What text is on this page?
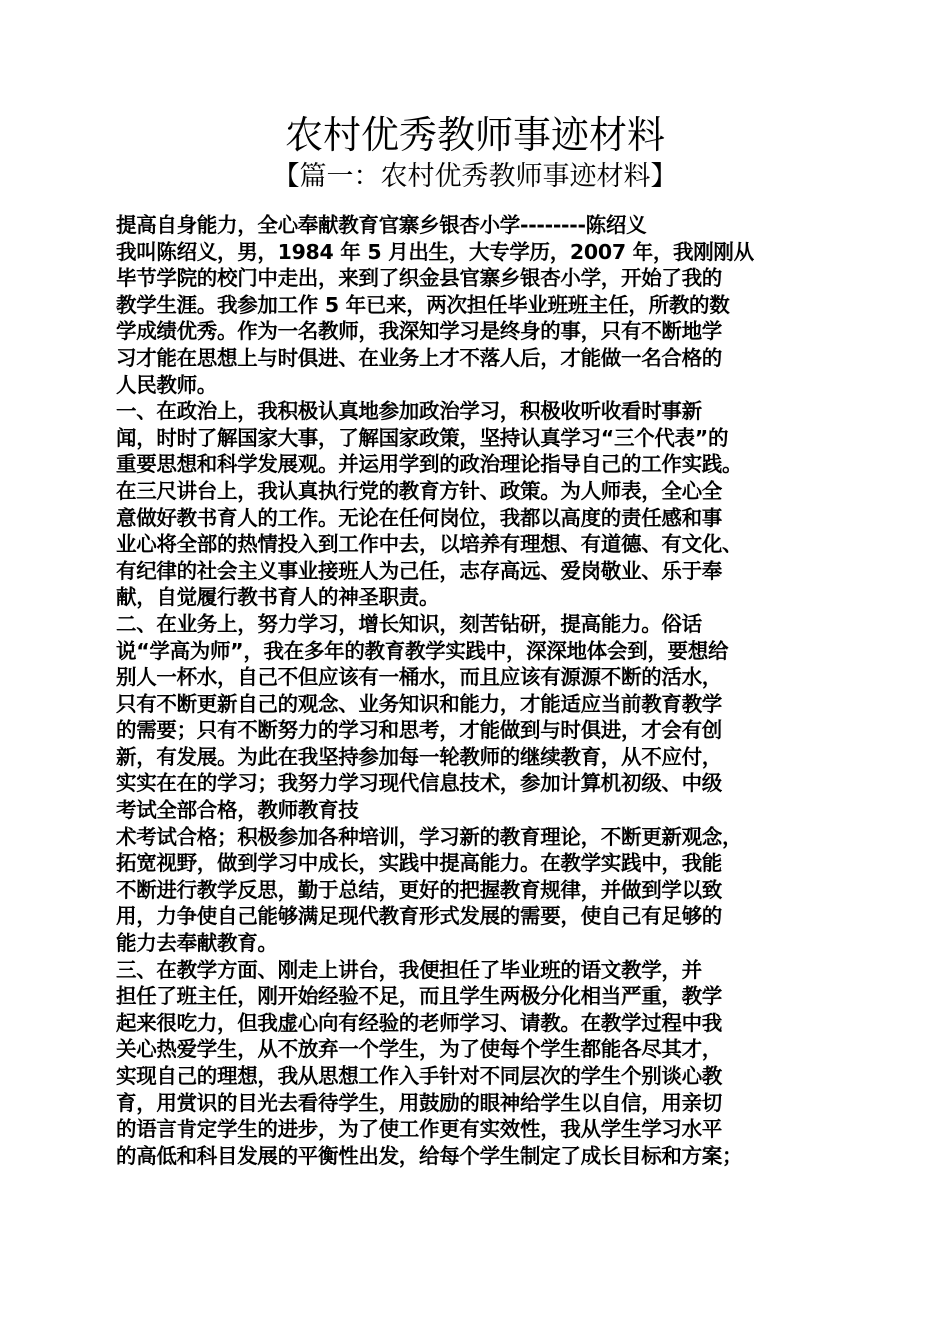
农村优秀教师事迹材料
【篇一：农村优秀教师事迹材料】
提高自身能力，全心奉献教育官寨乡银杏小学--------陈绍义
我叫陈绍义，男，1984 年 5 月出生，大专学历，2007 年，我刚刚从
毕节学院的校门中走出，来到了织金县官寨乡银杏小学，开始了我的
教学生涯。我参加工作 5 年已来，两次担任毕业班班主任，所教的数
学成绩优秀。作为一名教师，我深知学习是终身的事，只有不断地学
习才能在思想上与时俱进、在业务上才不落人后，才能做一名合格的
人民教师。
一、在政治上，我积极认真地参加政治学习，积极收听收看时事新
闻，时时了解国家大事，了解国家政策，坚持认真学习“三个代表”的
重要思想和科学发展观。并运用学到的政治理论指导自己的工作实践。
在三尺讲台上，我认真执行党的教育方针、政策。为人师表，全心全
意做好教书育人的工作。无论在任何岗位，我都以高度的责任感和事
业心将全部的热情投入到工作中去，以培养有理想、有道德、有文化、
有纪律的社会主义事业接班人为己任，志存高远、爱岗敬业、乐于奉
献，自觉履行教书育人的神圣职责。
二、在业务上，努力学习，增长知识，刻苦钻研，提高能力。俗话
说“学高为师”，我在多年的教育教学实践中，深深地体会到，要想给
别人一杯水，自己不但应该有一桶水，而且应该有源源不断的活水，
只有不断更新自己的观念、业务知识和能力，才能适应当前教育教学
的需要；只有不断努力的学习和思考，才能做到与时俱进，才会有创
新，有发展。为此在我坚持参加每一轮教师的继续教育，从不应付，
实实在在的学习；我努力学习现代信息技术，参加计算机初级、中级
考试全部合格，教师教育技
术考试合格；积极参加各种培训，学习新的教育理论，不断更新观念，
拓宽视野，做到学习中成长，实践中提高能力。在教学实践中，我能
不断进行教学反思，勤于总结，更好的把握教育规律，并做到学以致
用，力争使自己能够满足现代教育形式发展的需要，使自己有足够的
能力去奉献教育。
三、在教学方面、刚走上讲台，我便担任了毕业班的语文教学，并
担任了班主任，刚开始经验不足，而且学生两极分化相当严重，教学
起来很吃力，但我虚心向有经验的老师学习、请教。在教学过程中我
关心热爱学生，从不放弃一个学生，为了使每个学生都能各尽其才，
实现自己的理想，我从思想工作入手针对不同层次的学生个别谈心教
育，用赏识的目光去看待学生，用鼓励的眼神给学生以自信，用亲切
的语言肯定学生的进步，为了使工作更有实效性，我从学生学习水平
的高低和科目发展的平衡性出发，给每个学生制定了成长目标和方案；
